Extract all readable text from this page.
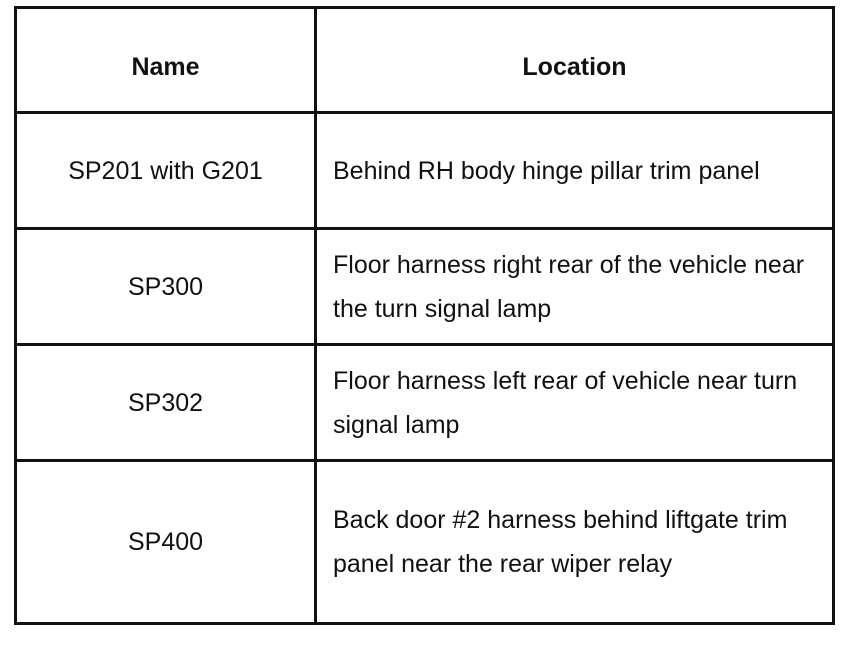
Name	Location
SP201 with G201	Behind RH body hinge pillar trim panel
SP300	Floor harness right rear of the vehicle near the turn signal lamp
SP302	Floor harness left rear of vehicle near turn signal lamp
SP400	Back door #2 harness behind liftgate trim panel near the rear wiper relay
